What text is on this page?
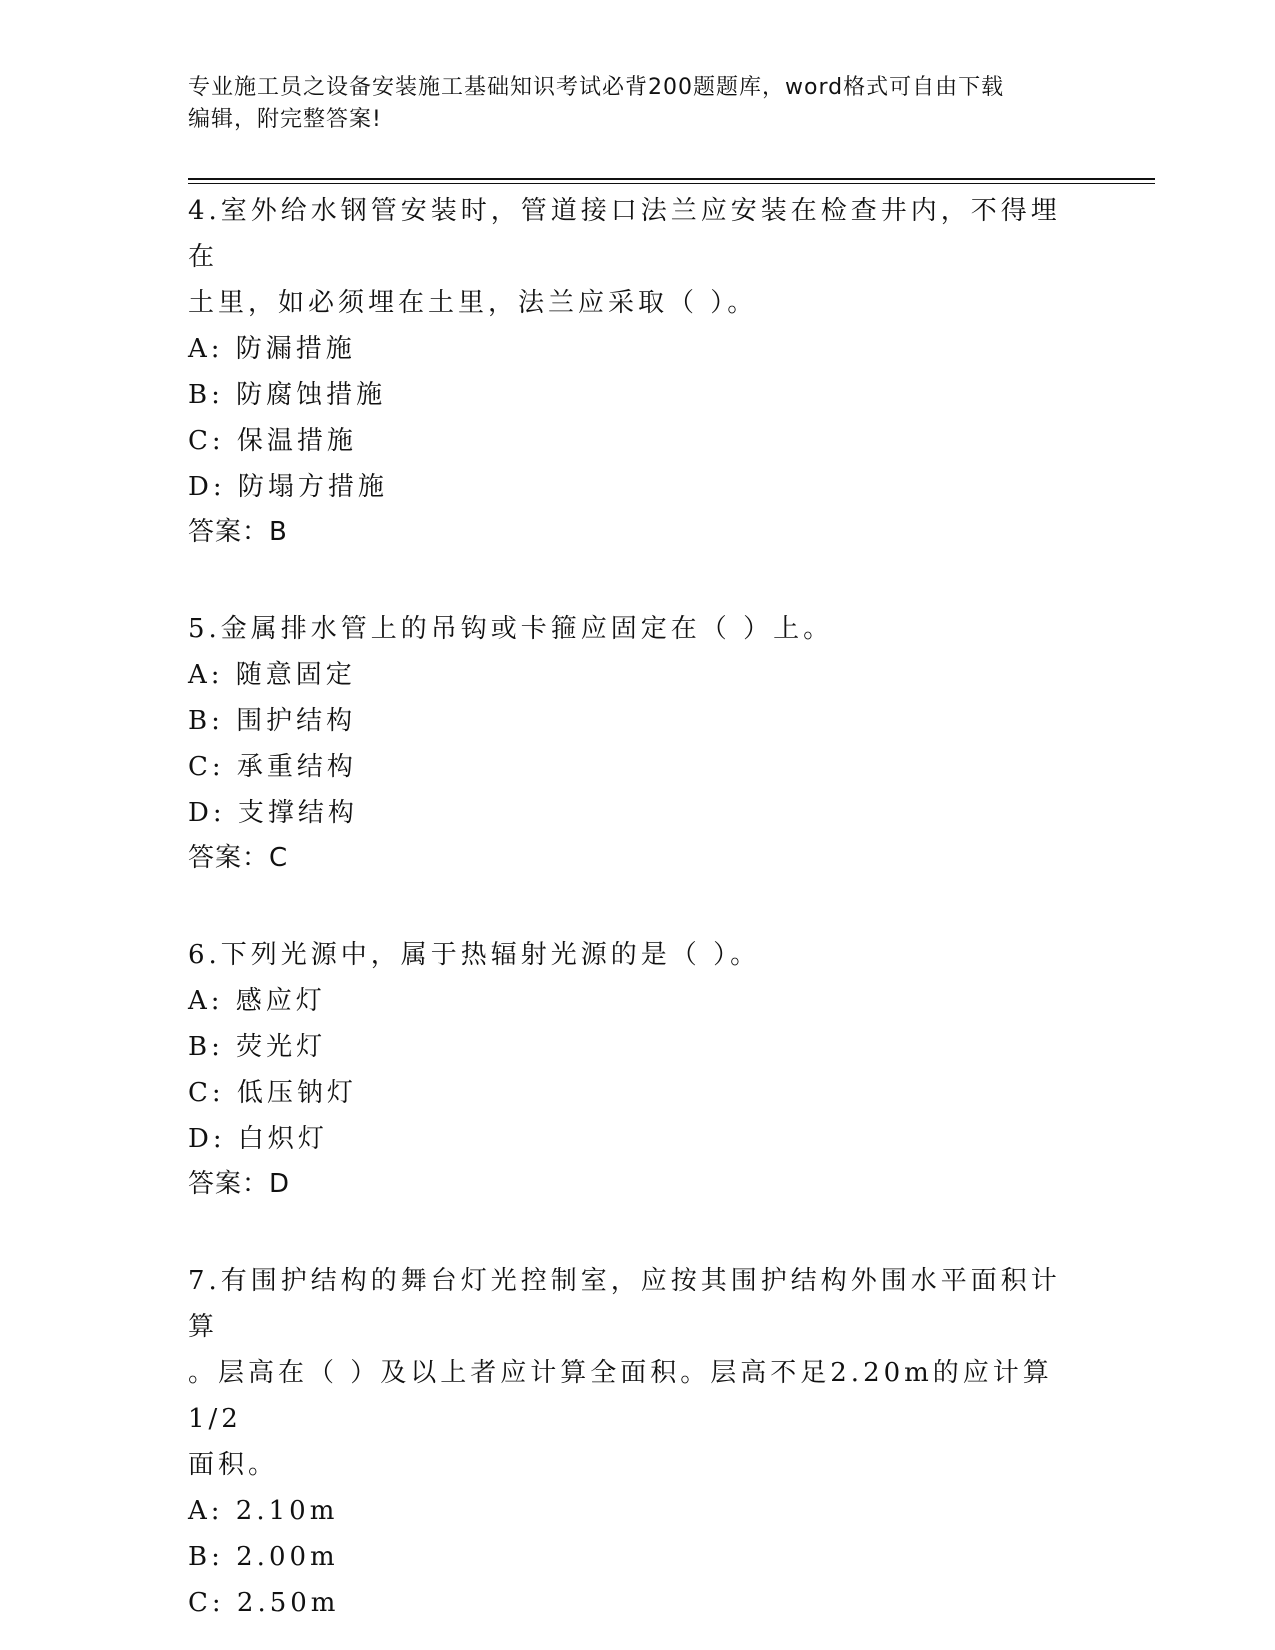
专业施工员之设备安装施工基础知识考试必背200题题库，word格式可自由下载
编辑，附完整答案!
4.室外给水钢管安装时，管道接口法兰应安装在检查井内，不得埋在
土里，如必须埋在土里，法兰应采取（ ）。
A: 防漏措施
B: 防腐蚀措施
C: 保温措施
D: 防塌方措施
答案：B
5.金属排水管上的吊钩或卡箍应固定在（ ）上。
A: 随意固定
B: 围护结构
C: 承重结构
D: 支撑结构
答案：C
6.下列光源中，属于热辐射光源的是（ ）。
A: 感应灯
B: 荧光灯
C: 低压钠灯
D: 白炽灯
答案：D
7.有围护结构的舞台灯光控制室，应按其围护结构外围水平面积计算
。层高在（ ）及以上者应计算全面积。层高不足2.20m的应计算1/2
面积。
A: 2.10m
B: 2.00m
C: 2.50m
